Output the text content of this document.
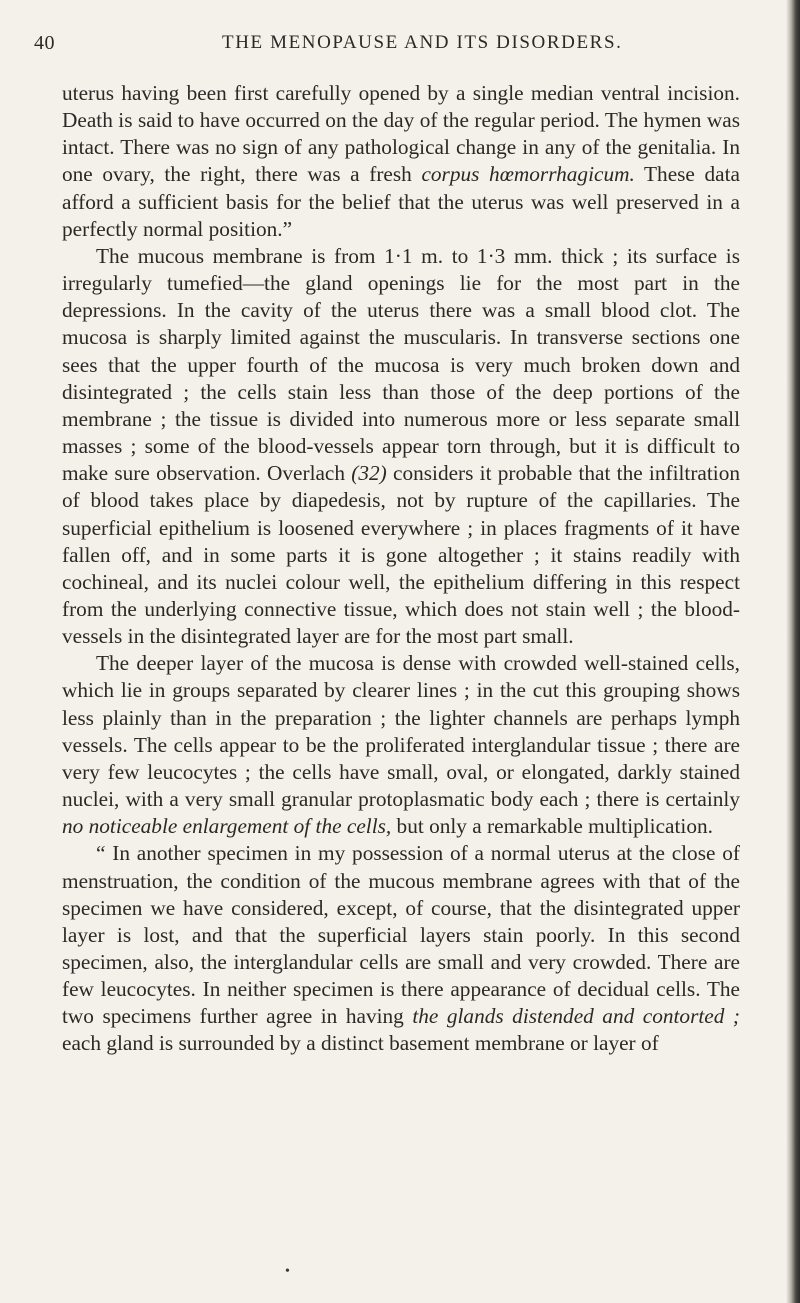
40	THE MENOPAUSE AND ITS DISORDERS.

uterus having been first carefully opened by a single median ventral incision. Death is said to have occurred on the day of the regular period. The hymen was intact. There was no sign of any pathological change in any of the genitalia. In one ovary, the right, there was a fresh corpus hœmorrhagicum. These data afford a sufficient basis for the belief that the uterus was well preserved in a perfectly normal position.”

The mucous membrane is from 1·1 m. to 1·3 mm. thick ; its surface is irregularly tumefied—the gland openings lie for the most part in the depressions. In the cavity of the uterus there was a small blood clot. The mucosa is sharply limited against the muscularis. In transverse sections one sees that the upper fourth of the mucosa is very much broken down and disintegrated ; the cells stain less than those of the deep portions of the membrane ; the tissue is divided into numerous more or less separate small masses ; some of the blood-vessels appear torn through, but it is difficult to make sure observation. Overlach (32) considers it probable that the infiltration of blood takes place by diapedesis, not by rupture of the capillaries. The superficial epithelium is loosened everywhere ; in places fragments of it have fallen off, and in some parts it is gone altogether ; it stains readily with cochineal, and its nuclei colour well, the epithelium differing in this respect from the underlying connective tissue, which does not stain well ; the blood-vessels in the disintegrated layer are for the most part small.

The deeper layer of the mucosa is dense with crowded well-stained cells, which lie in groups separated by clearer lines ; in the cut this grouping shows less plainly than in the preparation ; the lighter channels are perhaps lymph vessels. The cells appear to be the proliferated interglandular tissue ; there are very few leucocytes ; the cells have small, oval, or elongated, darkly stained nuclei, with a very small granular protoplasmatic body each ; there is certainly no noticeable enlargement of the cells, but only a remarkable multiplication.

“ In another specimen in my possession of a normal uterus at the close of menstruation, the condition of the mucous membrane agrees with that of the specimen we have considered, except, of course, that the disintegrated upper layer is lost, and that the superficial layers stain poorly. In this second specimen, also, the interglandular cells are small and very crowded. There are few leucocytes. In neither specimen is there appearance of decidual cells. The two specimens further agree in having the glands distended and contorted ; each gland is surrounded by a distinct basement membrane or layer of

•
